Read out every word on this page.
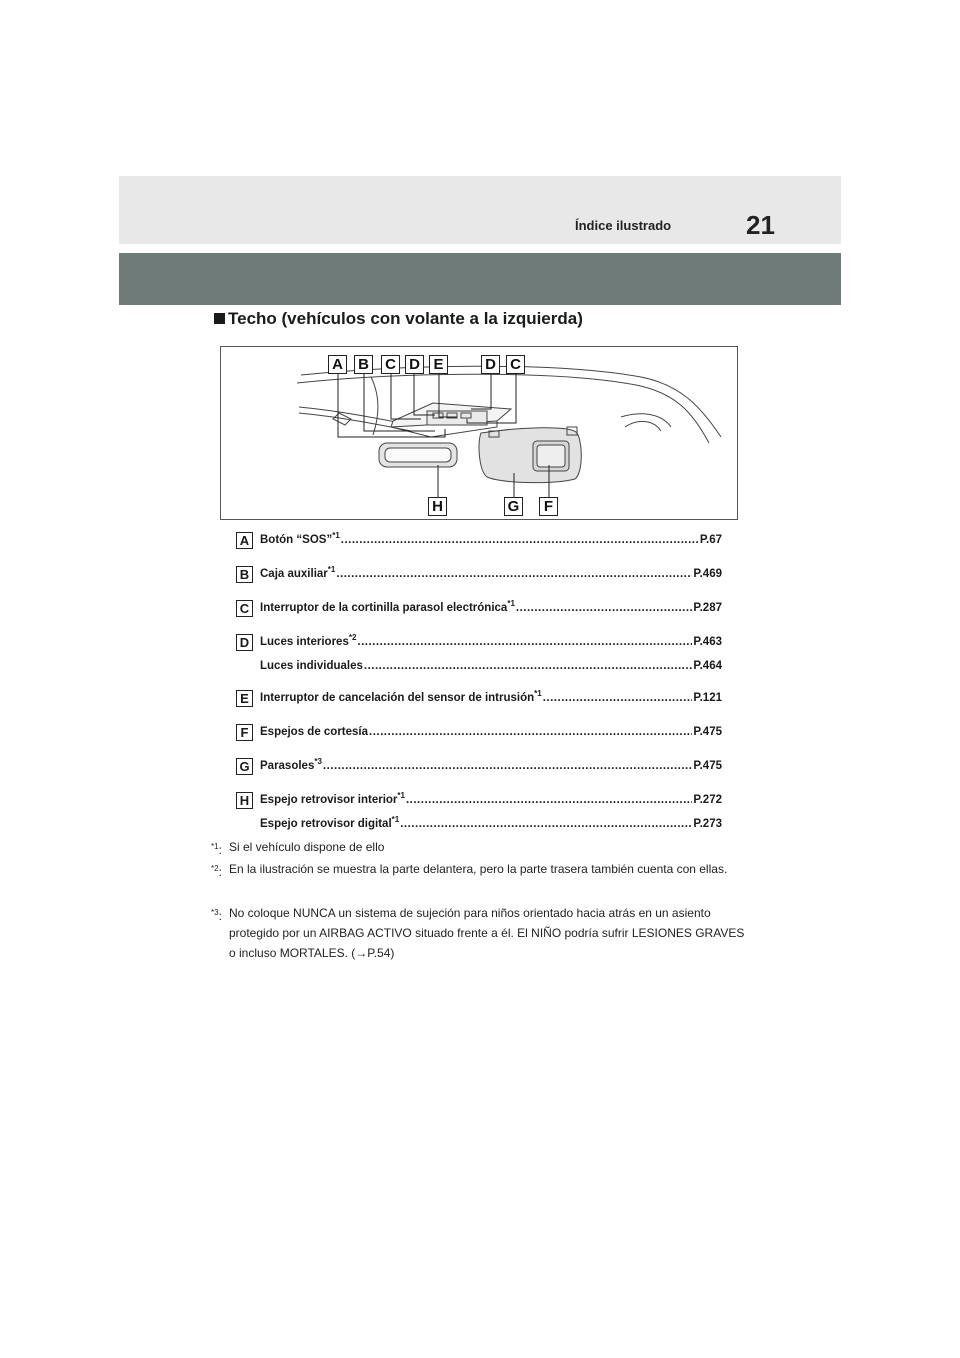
Índice ilustrado	21
Techo (vehículos con volante a la izquierda)
A B C D E	D C
H	G	F
A Botón “SOS”$^{*1}$ .....	P.67
B Caja auxiliar$^{*1}$ .....	P.469
C Interruptor de la cortinilla parasol electrónica$^{*1}$ .....	P.287
D Luces interiores$^{*2}$ .....	P.463
Luces individuales .....	P.464
E Interruptor de cancelación del sensor de intrusión$^{*1}$ .....	P.121
F	Espejos de cortesía .....	P.475
G Parasoles$^{*3}$ .....	P.475
H Espejo retrovisor interior$^{*1}$ .....	P.272
Espejo retrovisor digital$^{*1}$ .....	P.273
$^{*1}$: Si el vehículo dispone de ello
$^{*2}$: En la ilustración se muestra la parte delantera, pero la parte trasera también cuenta con ellas.
$^{*3}$: No coloque NUNCA un sistema de sujeción para niños orientado hacia atrás en un asiento protegido por un AIRBAG ACTIVO situado frente a él. El NIÑO podría sufrir LESIONES GRAVES o incluso MORTALES. (→P.54)
